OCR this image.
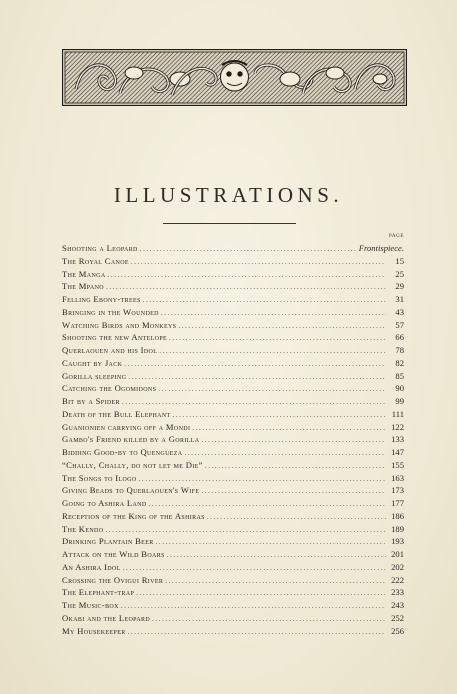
ILLUSTRATIONS.
PAGE
Shooting a Leopard .....	Frontispiece.
The Royal Canoe .....	15
The Manga .....	25
The Mpano .....	29
Felling Ebony-trees .....	31
Bringing in the Wounded .....	43
Watching Birds and Monkeys .....	57
Shooting the new Antelope .....	66
Querlaouen and his Idol .....	78
Caught by Jack .....	82
Gorilla sleeping .....	85
Catching the Ogomidons .....	90
Bit by a Spider .....	99
Death of the Bull Elephant .....	111
Guanionien carrying off a Mondi .....	122
Gambo's Friend killed by a Gorilla .....	133
Bidding Good-by to Quengueza .....	147
“Chally, Chally, do not let me Die” .....	155
The Songs to Ilogo .....	163
Giving Beads to Querlaouen's Wife .....	173
Going to Ashira Land .....	177
Reception of the King of the Ashiras .....	186
The Kendo .....	189
Drinking Plantain Beer .....	193
Attack on the Wild Boars .....	201
An Ashira Idol .....	202
Crossing the Ovigui River .....	222
The Elephant-trap .....	233
The Music-box .....	243
Okabi and the Leopard .....	252
My Housekeeper .....	256
